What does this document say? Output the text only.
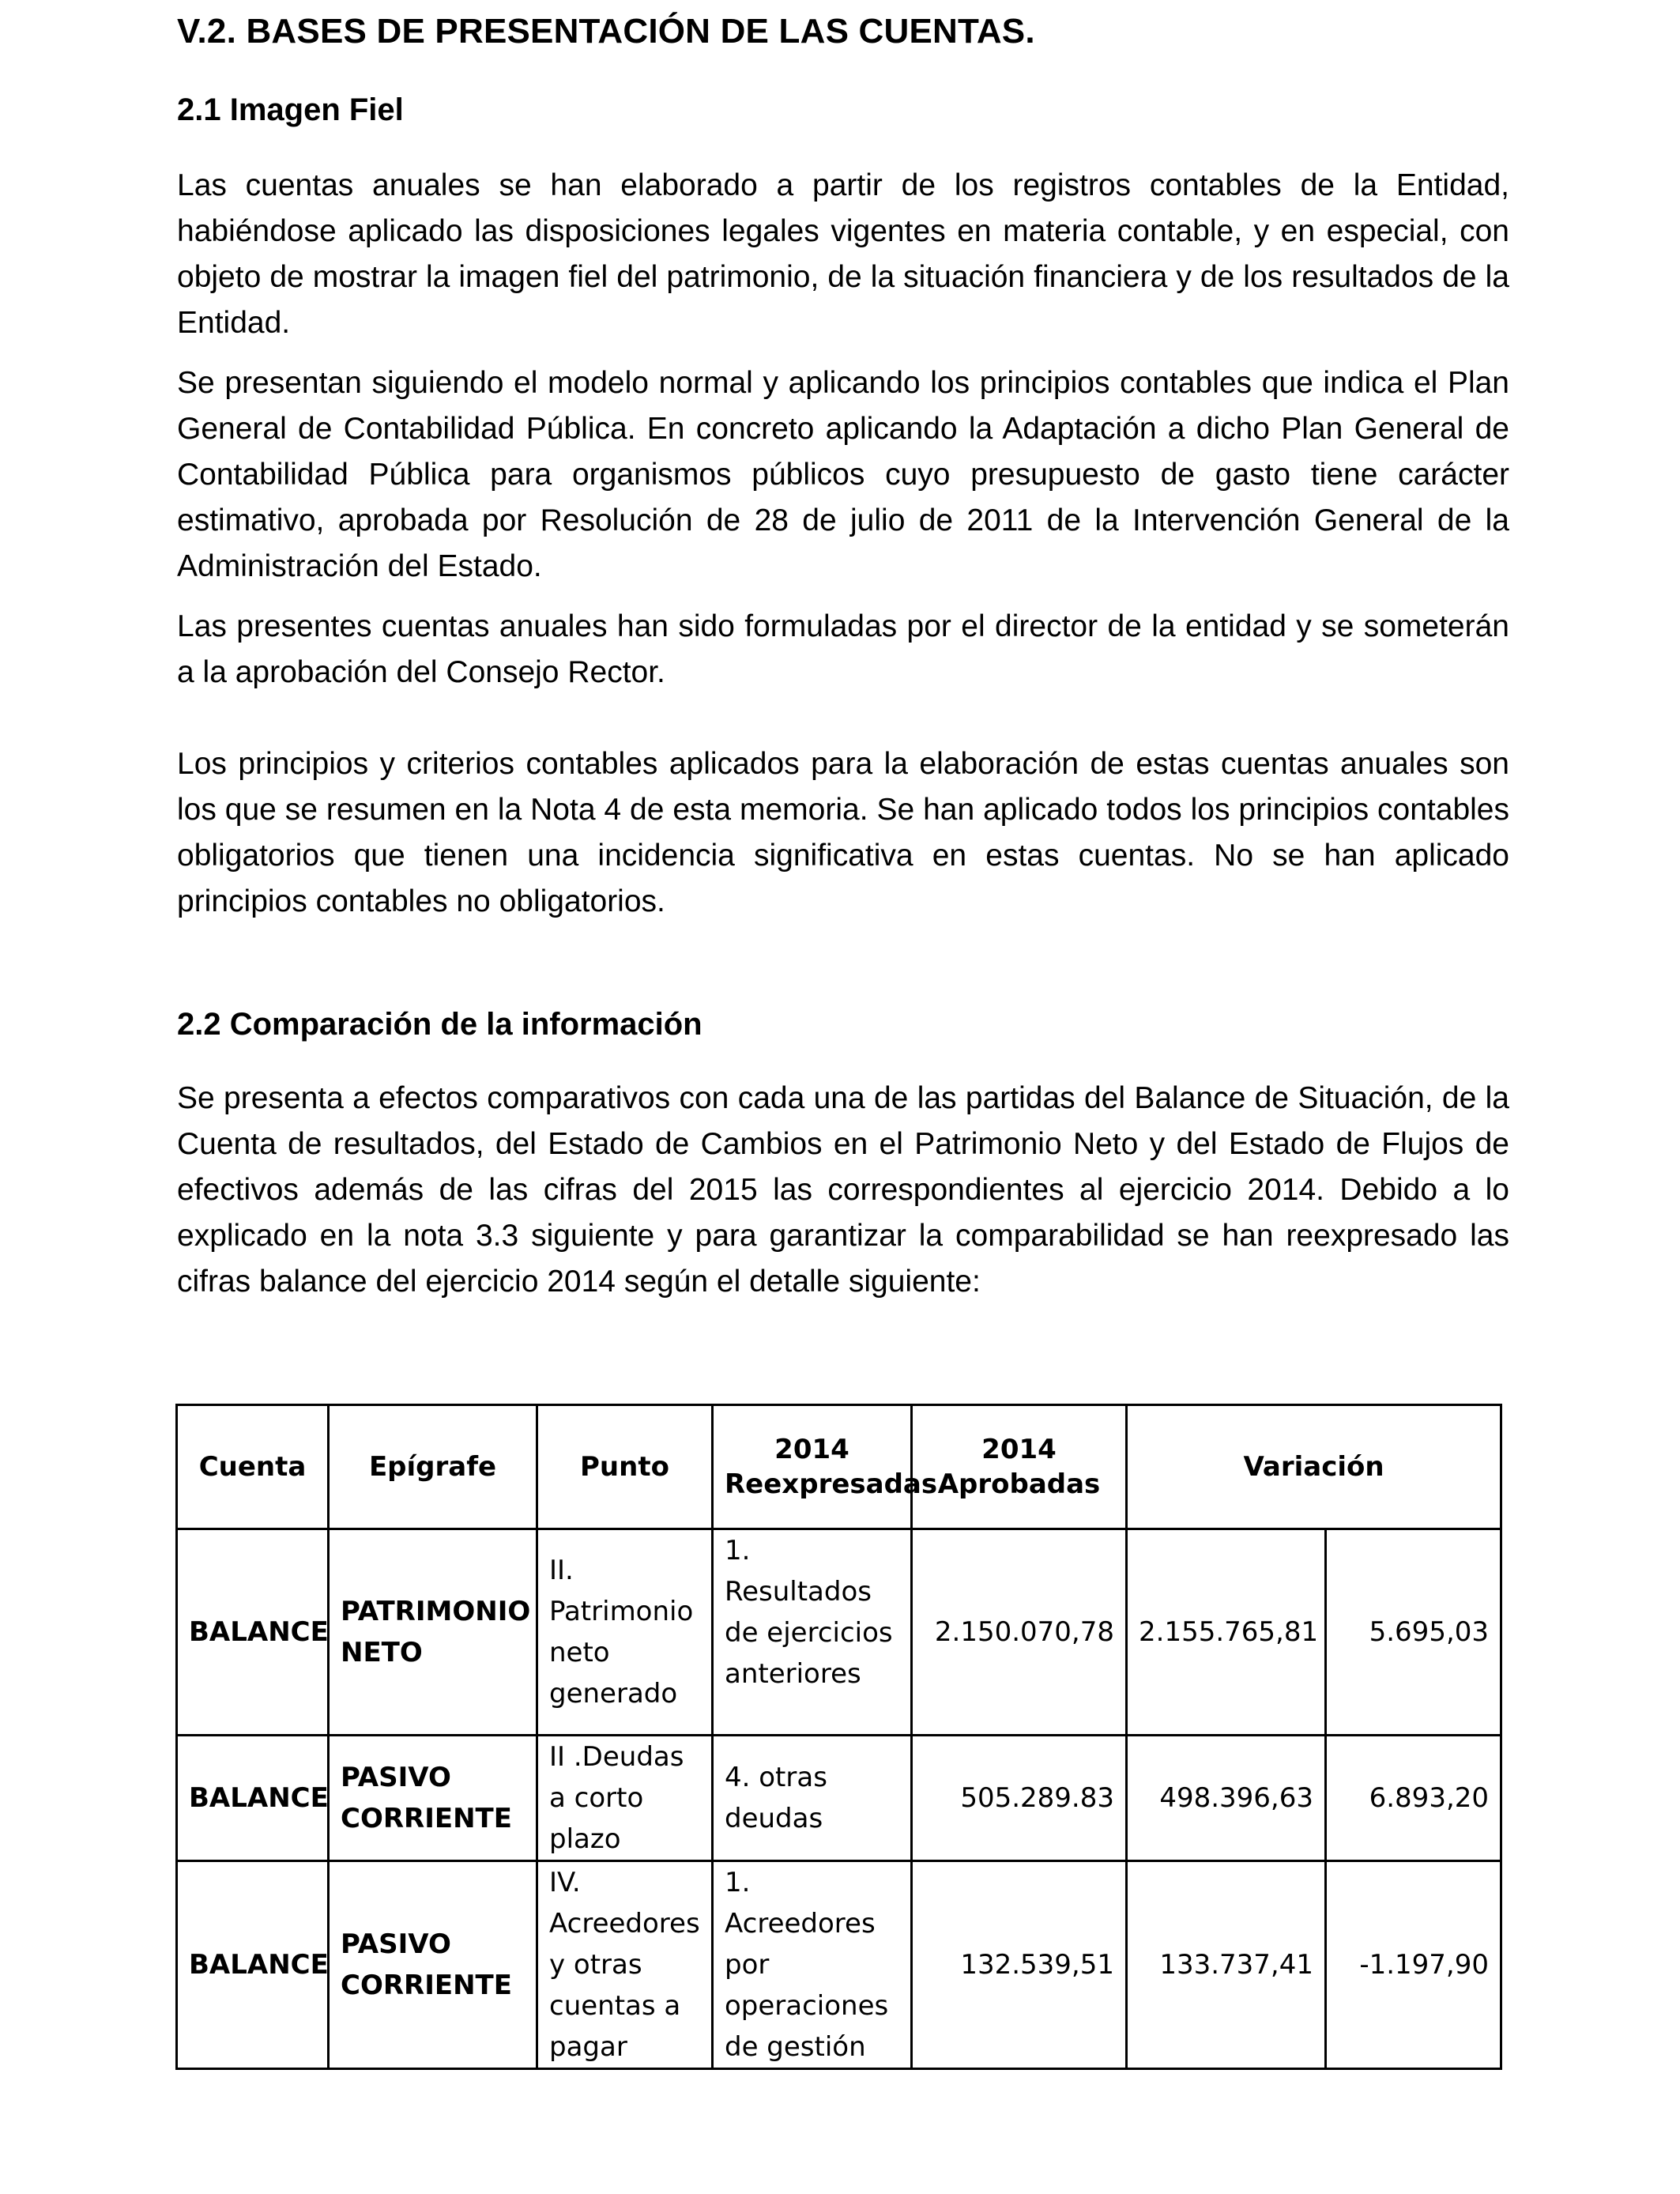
V.2. BASES DE PRESENTACIÓN DE LAS CUENTAS.
2.1 Imagen Fiel

Las cuentas anuales se han elaborado a partir de los registros contables de la Entidad, habiéndose aplicado las disposiciones legales vigentes en materia contable, y en especial, con objeto de mostrar la imagen fiel del patrimonio, de la situación financiera y de los resultados de la Entidad.

Se presentan siguiendo el modelo normal y aplicando los principios contables que indica el Plan General de Contabilidad Pública. En concreto aplicando la Adaptación a dicho Plan General de Contabilidad Pública para organismos públicos cuyo presupuesto de gasto tiene carácter estimativo, aprobada por Resolución de 28 de julio de 2011 de la Intervención General de la Administración del Estado.

Las presentes cuentas anuales han sido formuladas por el director de la entidad y se someterán a la aprobación del Consejo Rector.

Los principios y criterios contables aplicados para la elaboración de estas cuentas anuales son los que se resumen en la Nota 4 de esta memoria. Se han aplicado todos los principios contables obligatorios que tienen una incidencia significativa en estas cuentas. No se han aplicado principios contables no obligatorios.

2.2 Comparación de la información

Se presenta a efectos comparativos con cada una de las partidas del Balance de Situación, de la Cuenta de resultados, del Estado de Cambios en el Patrimonio Neto y del Estado de Flujos de efectivos además de las cifras del 2015 las correspondientes al ejercicio 2014. Debido a lo explicado en la nota 3.3 siguiente y para garantizar la comparabilidad se han reexpresado las cifras balance del ejercicio 2014 según el detalle siguiente:

Cuenta	Epígrafe	Punto	2014 Reexpresadas	2014 Aprobadas	Variación	
BALANCE	PATRIMONIO NETO	II. Patrimonio neto generado	1. Resultados de ejercicios anteriores	2.150.070,78	2.155.765,81	5.695,03
BALANCE	PASIVO CORRIENTE	II .Deudas a corto plazo	4. otras deudas	505.289.83	498.396,63	6.893,20
BALANCE	PASIVO CORRIENTE	IV. Acreedores y otras cuentas a pagar	1. Acreedores por operaciones de gestión	132.539,51	133.737,41	-1.197,90
